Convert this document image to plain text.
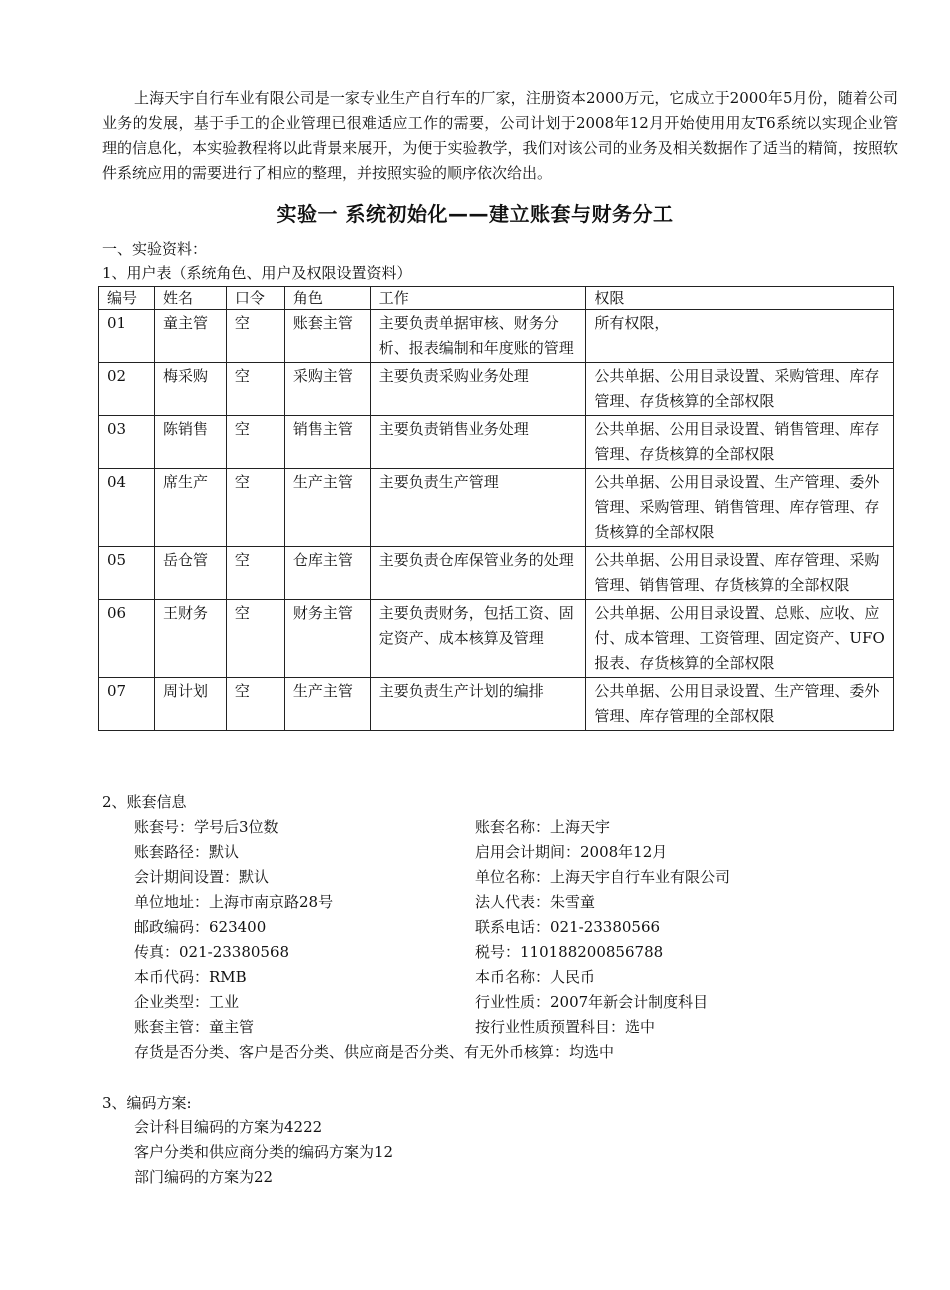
上海天宇自行车业有限公司是一家专业生产自行车的厂家，注册资本2000万元，它成立于2000年5月份，随着公司业务的发展，基于手工的企业管理已很难适应工作的需要，公司计划于2008年12月开始使用用友T6系统以实现企业管理的信息化，本实验教程将以此背景来展开，为便于实验教学，我们对该公司的业务及相关数据作了适当的精简，按照软件系统应用的需要进行了相应的整理，并按照实验的顺序依次给出。

实验一 系统初始化——建立账套与财务分工
一、实验资料：
1、用户表（系统角色、用户及权限设置资料）
编号	姓名	口令	角色	工作	权限
01	童主管	空	账套主管	主要负责单据审核、财务分析、报表编制和年度账的管理	所有权限，
02	梅采购	空	采购主管	主要负责采购业务处理	公共单据、公用目录设置、采购管理、库存管理、存货核算的全部权限
03	陈销售	空	销售主管	主要负责销售业务处理	公共单据、公用目录设置、销售管理、库存管理、存货核算的全部权限
04	席生产	空	生产主管	主要负责生产管理	公共单据、公用目录设置、生产管理、委外管理、采购管理、销售管理、库存管理、存货核算的全部权限
05	岳仓管	空	仓库主管	主要负责仓库保管业务的处理	公共单据、公用目录设置、库存管理、采购管理、销售管理、存货核算的全部权限
06	王财务	空	财务主管	主要负责财务，包括工资、固定资产、成本核算及管理	公共单据、公用目录设置、总账、应收、应付、成本管理、工资管理、固定资产、UFO报表、存货核算的全部权限
07	周计划	空	生产主管	主要负责生产计划的编排	公共单据、公用目录设置、生产管理、委外管理、库存管理的全部权限
2、账套信息
账套号：学号后3位数	账套名称：上海天宇
账套路径：默认	启用会计期间：2008年12月
会计期间设置：默认	单位名称：上海天宇自行车业有限公司
单位地址：上海市南京路28号	法人代表：朱雪童
邮政编码：623400	联系电话：021-23380566
传真：021-23380568	税号：110188200856788
本币代码：RMB	本币名称：人民币
企业类型：工业	行业性质：2007年新会计制度科目
账套主管：童主管	按行业性质预置科目：选中
存货是否分类、客户是否分类、供应商是否分类、有无外币核算：均选中
3、编码方案:
会计科目编码的方案为4222
客户分类和供应商分类的编码方案为12
部门编码的方案为22
